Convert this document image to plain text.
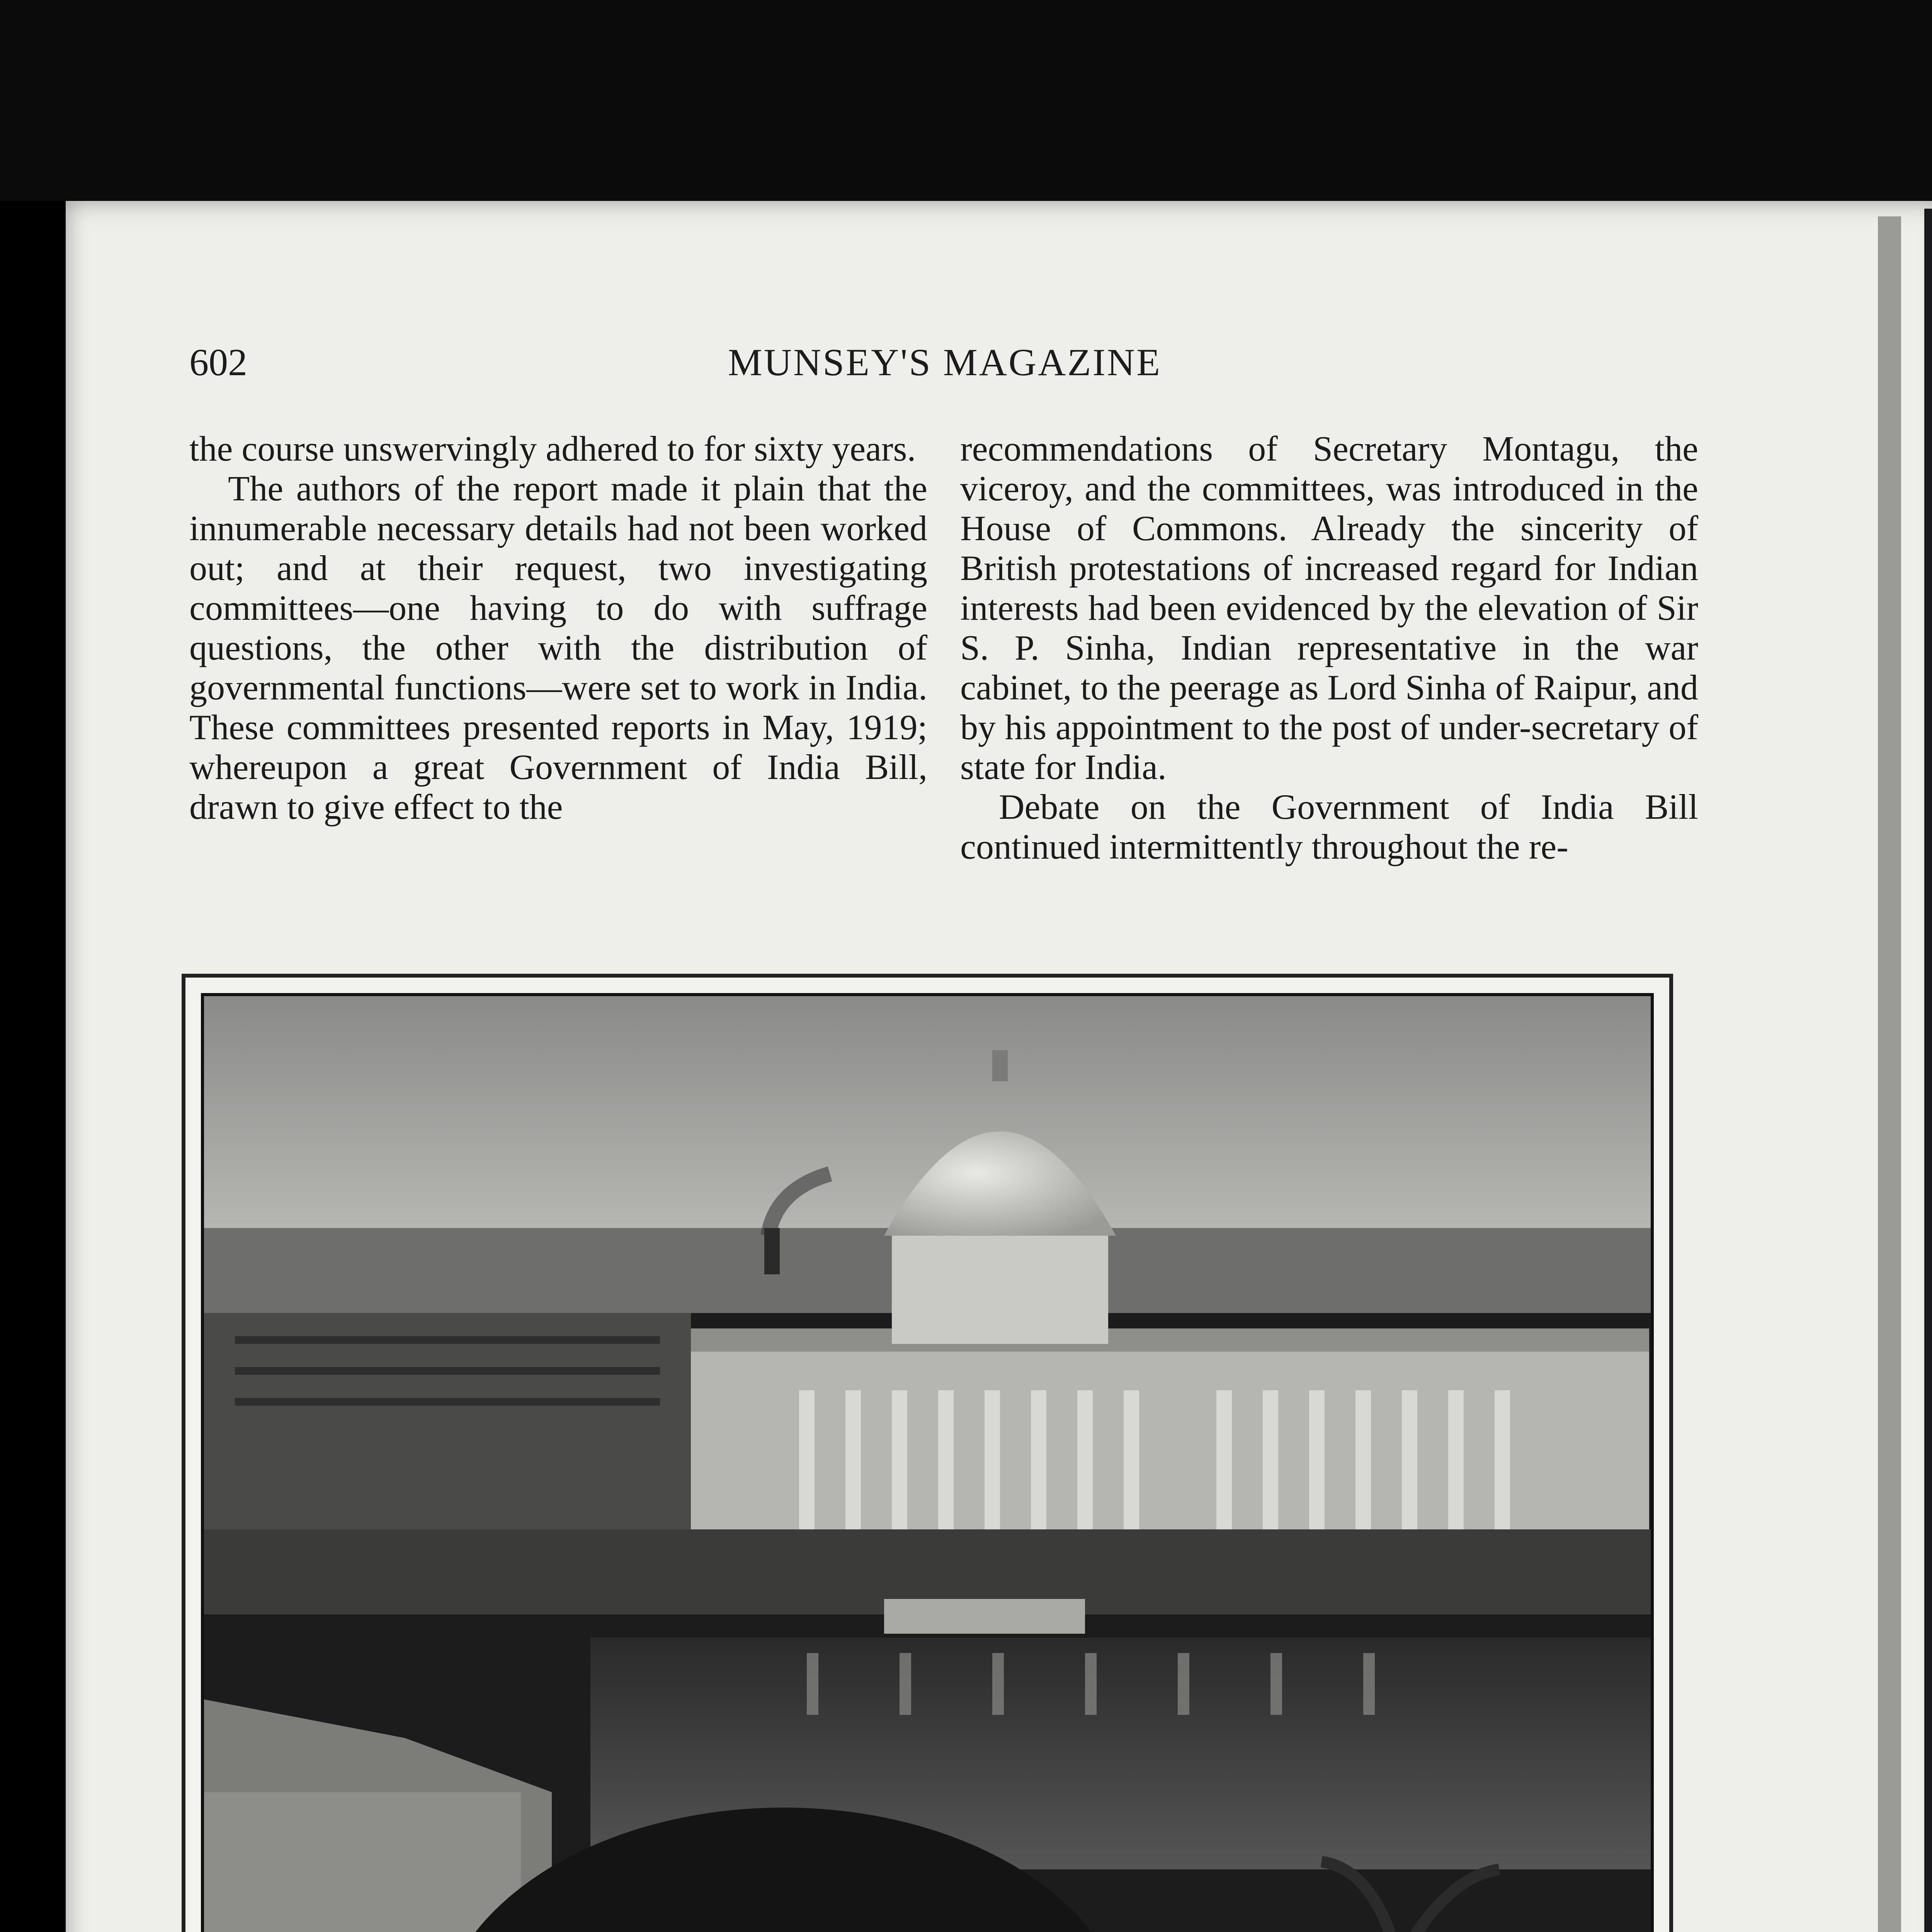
602	MUNSEY'S MAGAZINE

the course unswervingly adhered to for sixty years.

The authors of the report made it plain that the innumerable necessary details had not been worked out; and at their request, two investigating committees—one having to do with suffrage questions, the other with the distribution of governmental functions—were set to work in India. These committees presented reports in May, 1919; whereupon a great Government of India Bill, drawn to give effect to the

recommendations of Secretary Montagu, the viceroy, and the committees, was introduced in the House of Commons. Already the sincerity of British protestations of increased regard for Indian interests had been evidenced by the elevation of Sir S. P. Sinha, Indian representative in the war cabinet, to the peerage as Lord Sinha of Raipur, and by his appointment to the post of under-secretary of state for India.

Debate on the Government of India Bill continued intermittently throughout the re-
